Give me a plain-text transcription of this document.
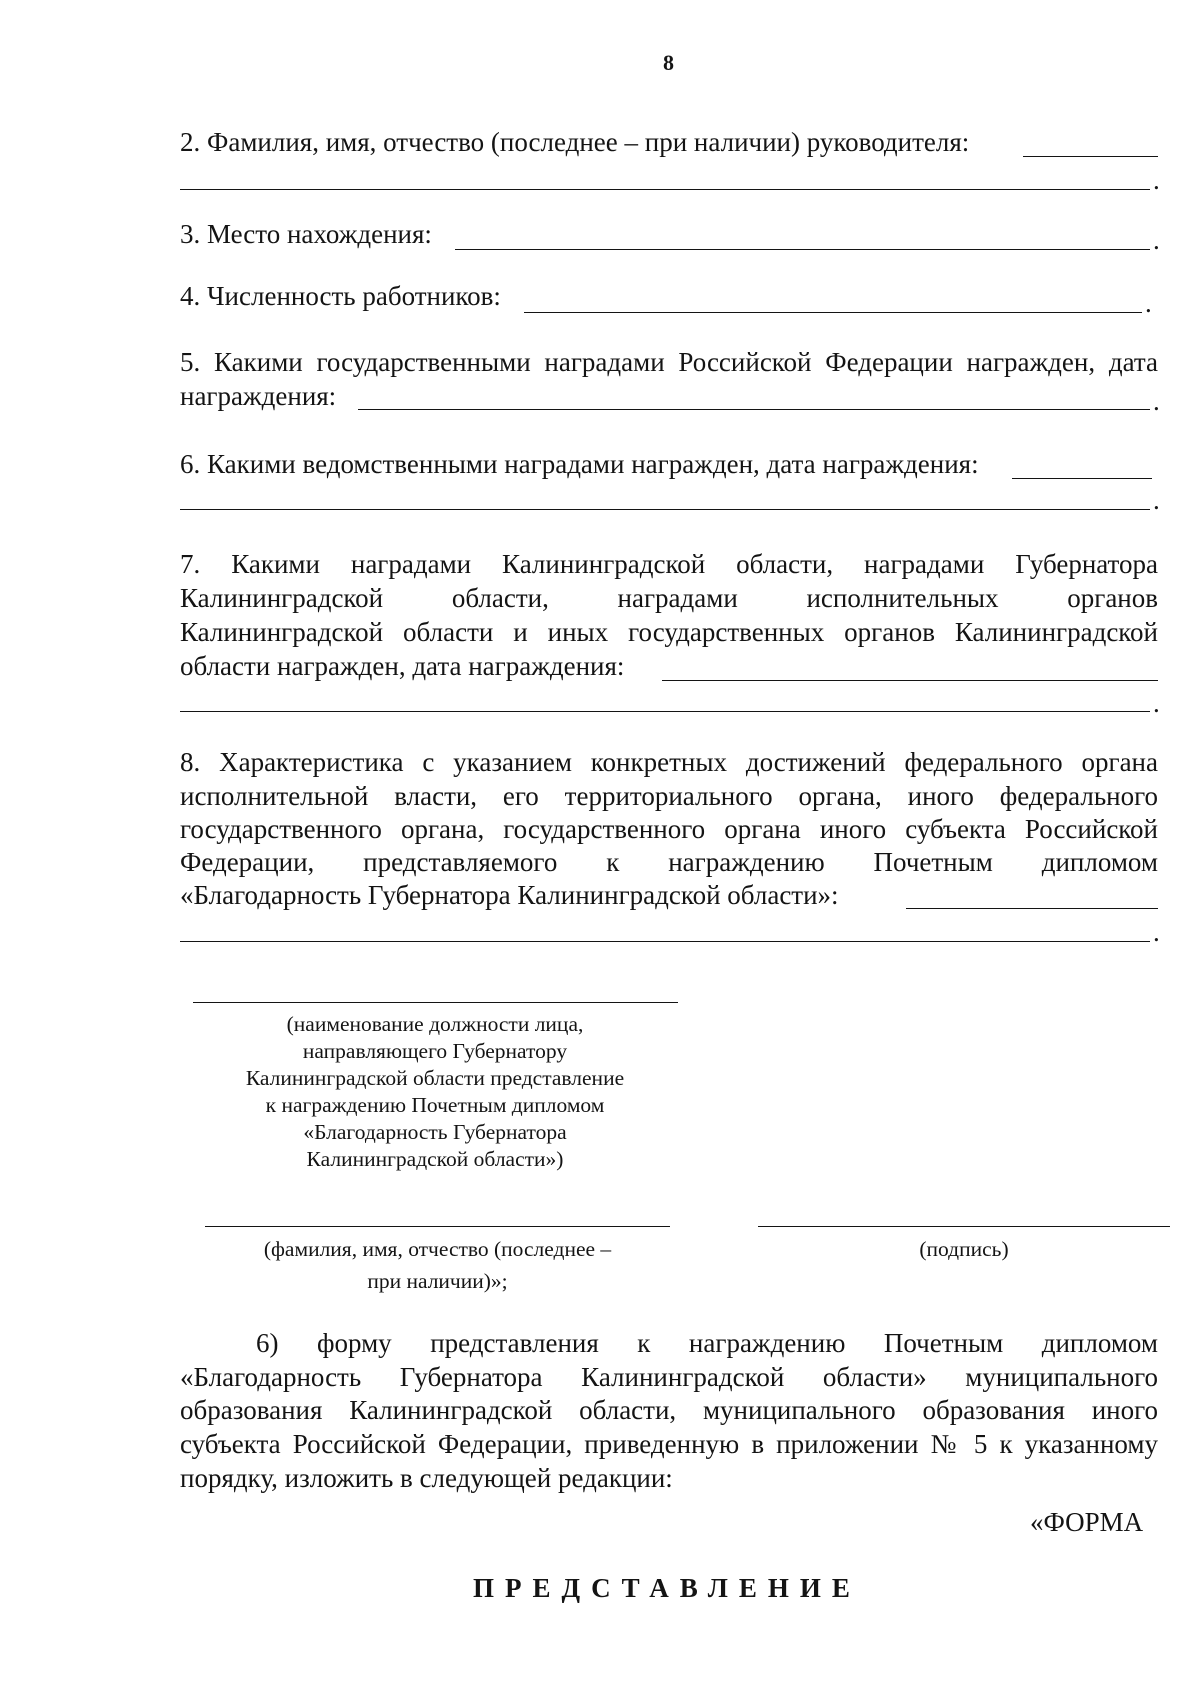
8
2. Фамилия, имя, отчество (последнее – при наличии) руководителя:
.
3. Место нахождения:	.
4. Численность работников:	.
5. Какими государственными наградами Российской Федерации награжден, дата
награждения:	.
6. Какими ведомственными наградами награжден, дата награждения:
.
7. Какими наградами Калининградской области, наградами Губернатора
Калининградской области, наградами исполнительных органов
Калининградской области и иных государственных органов Калининградской
области награжден, дата награждения:
.
8. Характеристика с указанием конкретных достижений федерального органа
исполнительной власти, его территориального органа, иного федерального
государственного органа, государственного органа иного субъекта Российской
Федерации, представляемого к награждению Почетным дипломом
«Благодарность Губернатора Калининградской области»:
.
(наименование должности лица,
направляющего Губернатору
Калининградской области представление
к награждению Почетным дипломом
«Благодарность Губернатора
Калининградской области»)
(фамилия, имя, отчество (последнее –
при наличии)»;
(подпись)
6) форму представления к награждению Почетным дипломом
«Благодарность Губернатора Калининградской области» муниципального
образования Калининградской области, муниципального образования иного
субъекта Российской Федерации, приведенную в приложении № 5 к указанному
порядку, изложить в следующей редакции:
«ФОРМА
ПРЕДСТАВЛЕНИЕ
